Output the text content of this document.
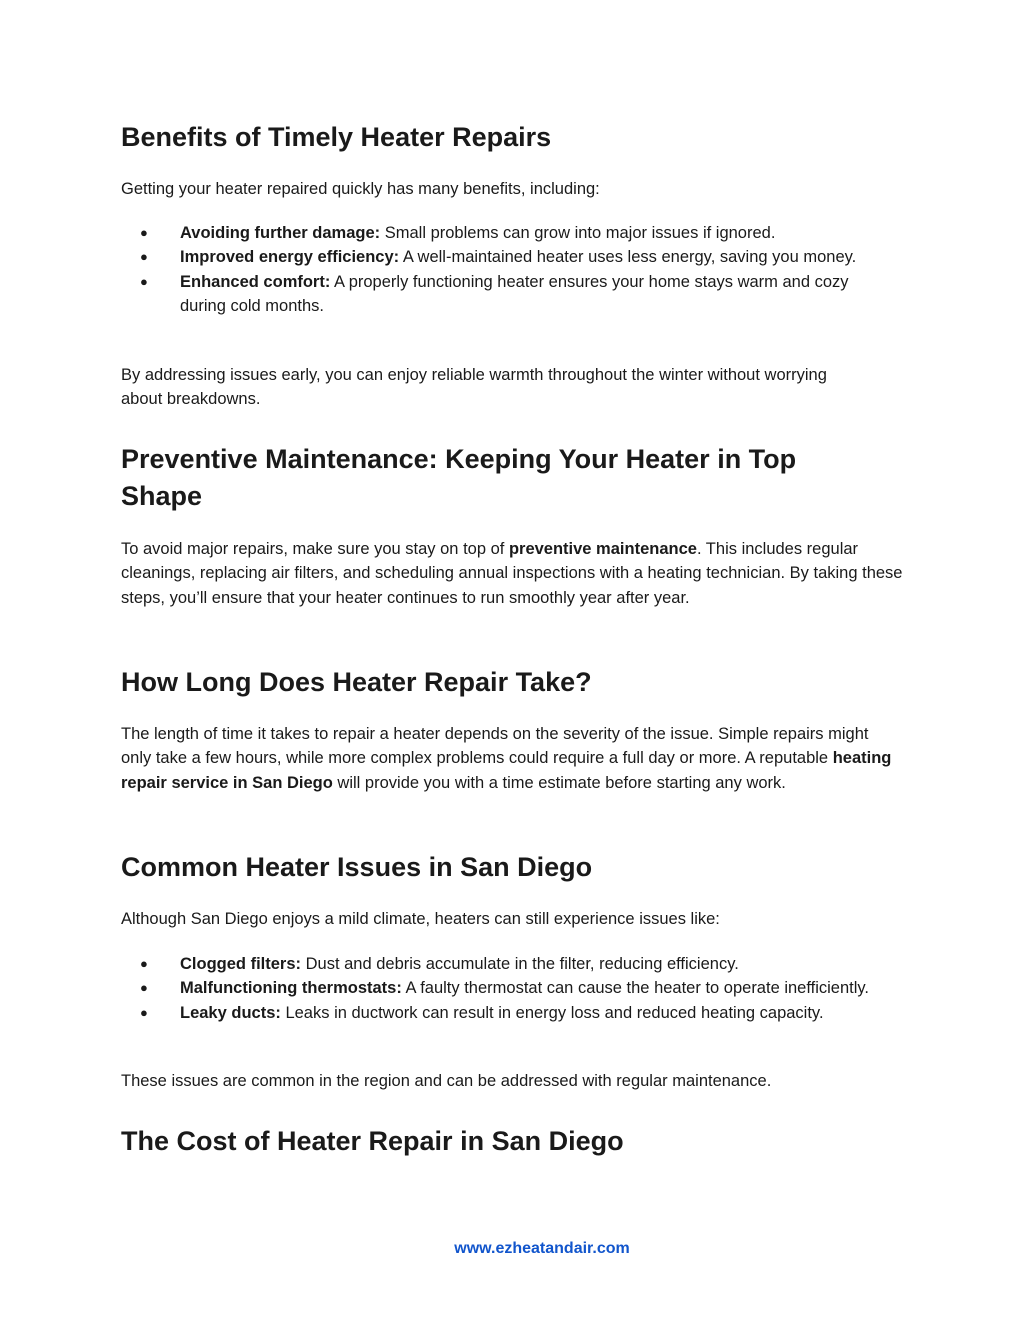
Benefits of Timely Heater Repairs

Getting your heater repaired quickly has many benefits, including:

● Avoiding further damage: Small problems can grow into major issues if ignored.
● Improved energy efficiency: A well-maintained heater uses less energy, saving you money.
● Enhanced comfort: A properly functioning heater ensures your home stays warm and cozy during cold months.

By addressing issues early, you can enjoy reliable warmth throughout the winter without worrying about breakdowns.

Preventive Maintenance: Keeping Your Heater in Top Shape

To avoid major repairs, make sure you stay on top of preventive maintenance. This includes regular cleanings, replacing air filters, and scheduling annual inspections with a heating technician. By taking these steps, you’ll ensure that your heater continues to run smoothly year after year.

How Long Does Heater Repair Take?

The length of time it takes to repair a heater depends on the severity of the issue. Simple repairs might only take a few hours, while more complex problems could require a full day or more. A reputable heating repair service in San Diego will provide you with a time estimate before starting any work.

Common Heater Issues in San Diego

Although San Diego enjoys a mild climate, heaters can still experience issues like:

● Clogged filters: Dust and debris accumulate in the filter, reducing efficiency.
● Malfunctioning thermostats: A faulty thermostat can cause the heater to operate inefficiently.
● Leaky ducts: Leaks in ductwork can result in energy loss and reduced heating capacity.

These issues are common in the region and can be addressed with regular maintenance.

The Cost of Heater Repair in San Diego
www.ezheatandair.com
